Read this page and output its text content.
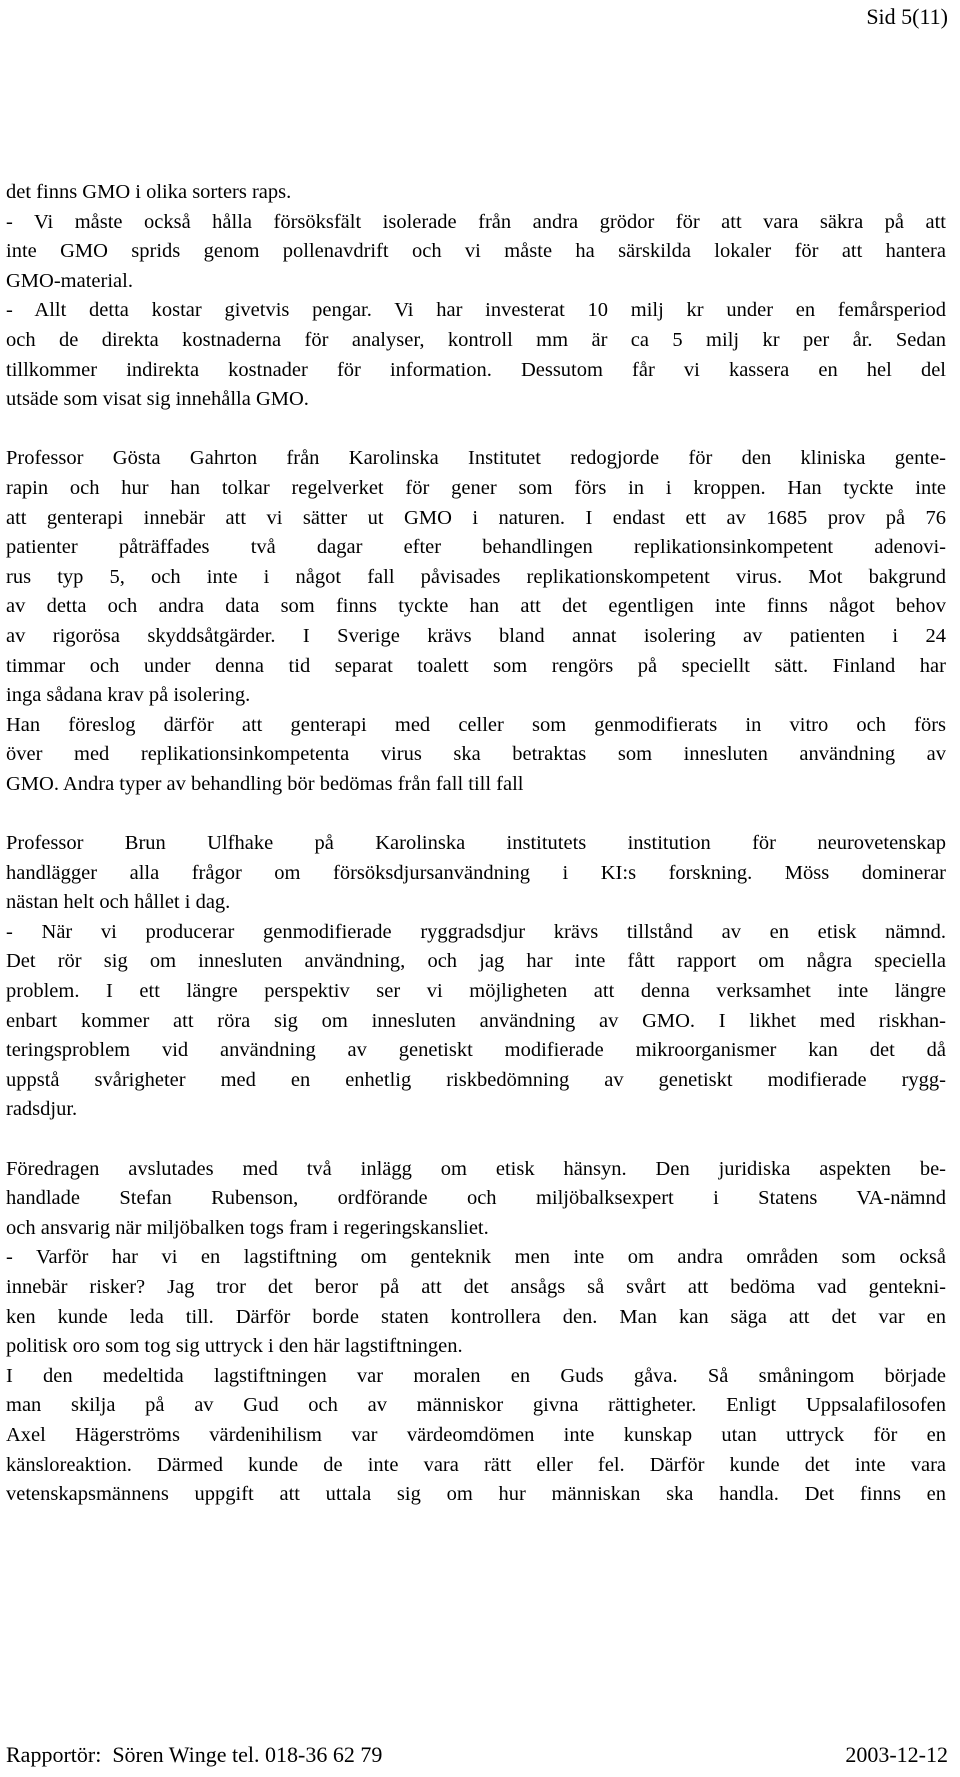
Sid 5(11)
det finns GMO i olika sorters raps.
- Vi måste också hålla försöksfält isolerade från andra grödor för att vara säkra på att
inte GMO sprids genom pollenavdrift och vi måste ha särskilda lokaler för att hantera
GMO-material.
- Allt detta kostar givetvis pengar. Vi har investerat 10 milj kr under en femårsperiod
och de direkta kostnaderna för analyser, kontroll mm är ca 5 milj kr per år. Sedan
tillkommer indirekta kostnader för information. Dessutom får vi kassera en hel del
utsäde som visat sig innehålla GMO.
Professor Gösta Gahrton från Karolinska Institutet redogjorde för den kliniska gente-
rapin och hur han tolkar regelverket för gener som förs in i kroppen. Han tyckte inte
att genterapi innebär att vi sätter ut GMO i naturen. I endast ett av 1685 prov på 76
patienter påträffades två dagar efter behandlingen replikationsinkompetent adenovi-
rus typ 5, och inte i något fall påvisades replikationskompetent virus. Mot bakgrund
av detta och andra data som finns tyckte han att det egentligen inte finns något behov
av rigorösa skyddsåtgärder. I Sverige krävs bland annat isolering av patienten i 24
timmar och under denna tid separat toalett som rengörs på speciellt sätt. Finland har
inga sådana krav på isolering.
Han föreslog därför att genterapi med celler som genmodifierats in vitro och förs
över med replikationsinkompetenta virus ska betraktas som innesluten användning av
GMO. Andra typer av behandling bör bedömas från fall till fall
Professor Brun Ulfhake på Karolinska institutets institution för neurovetenskap
handlägger alla frågor om försöksdjursanvändning i KI:s forskning. Möss dominerar
nästan helt och hållet i dag.
- När vi producerar genmodifierade ryggradsdjur krävs tillstånd av en etisk nämnd.
Det rör sig om innesluten användning, och jag har inte fått rapport om några speciella
problem. I ett längre perspektiv ser vi möjligheten att denna verksamhet inte längre
enbart kommer att röra sig om innesluten användning av GMO. I likhet med riskhan-
teringsproblem vid användning av genetiskt modifierade mikroorganismer kan det då
uppstå svårigheter med en enhetlig riskbedömning av genetiskt modifierade rygg-
radsdjur.
Föredragen avslutades med två inlägg om etisk hänsyn. Den juridiska aspekten be-
handlade Stefan Rubenson, ordförande och miljöbalksexpert i Statens VA-nämnd
och ansvarig när miljöbalken togs fram i regeringskansliet.
- Varför har vi en lagstiftning om genteknik men inte om andra områden som också
innebär risker? Jag tror det beror på att det ansågs så svårt att bedöma vad gentekni-
ken kunde leda till. Därför borde staten kontrollera den. Man kan säga att det var en
politisk oro som tog sig uttryck i den här lagstiftningen.
I den medeltida lagstiftningen var moralen en Guds gåva. Så småningom började
man skilja på av Gud och av människor givna rättigheter. Enligt Uppsalafilosofen
Axel Hägerströms värdenihilism var värdeomdömen inte kunskap utan uttryck för en
känsloreaktion. Därmed kunde de inte vara rätt eller fel. Därför kunde det inte vara
vetenskapsmännens uppgift att uttala sig om hur människan ska handla. Det finns en
Rapportör:  Sören Winge tel. 018-36 62 79	2003-12-12
